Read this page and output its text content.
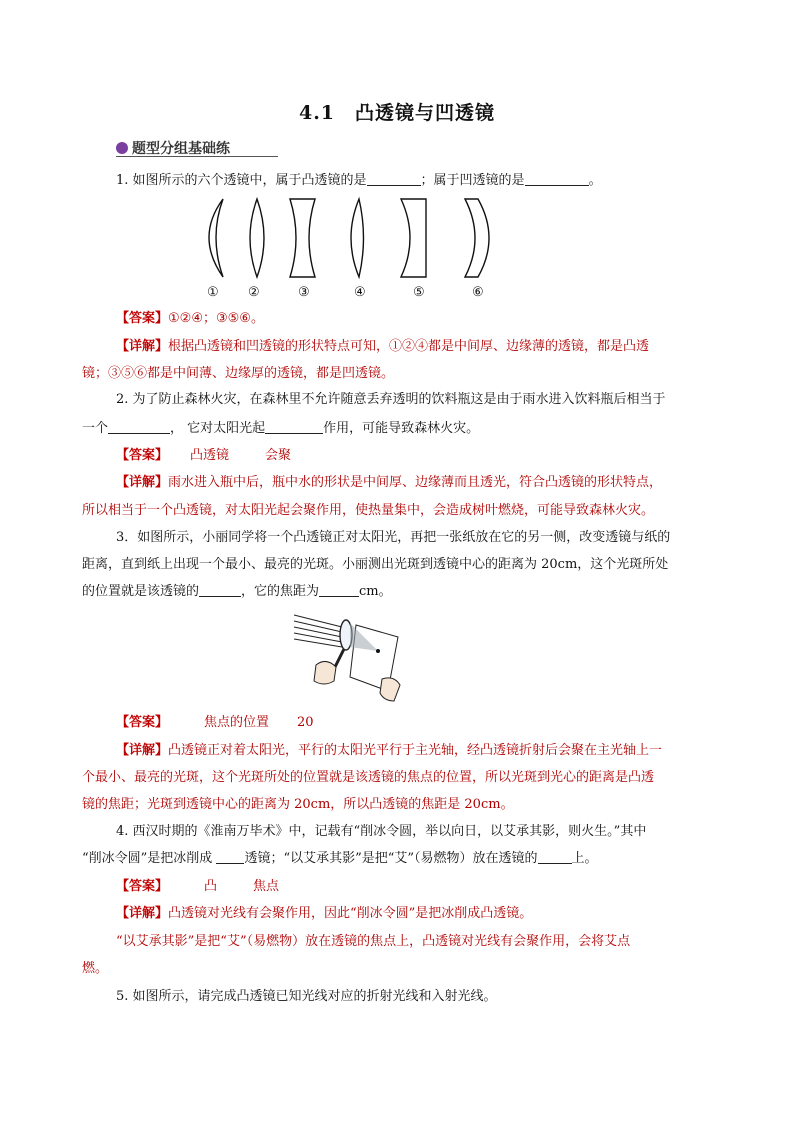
4.1　凸透镜与凹透镜
题型分组基础练
1. 如图所示的六个透镜中，属于凸透镜的是	；属于凹透镜的是	。
① ②	③	④	⑤	⑥
【答案】①②④；③⑤⑥。
【详解】根据凸透镜和凹透镜的形状特点可知，①②④都是中间厚、边缘薄的透镜，都是凸透
镜；③⑤⑥都是中间薄、边缘厚的透镜，都是凹透镜。
2. 为了防止森林火灾，在森林里不允许随意丢弃透明的饮料瓶这是由于雨水进入饮料瓶后相当于
一个	， 它对太阳光起	作用，可能导致森林火灾。
【答案】 凸透镜	会聚
【详解】雨水进入瓶中后，瓶中水的形状是中间厚、边缘薄而且透光，符合凸透镜的形状特点，
所以相当于一个凸透镜，对太阳光起会聚作用，使热量集中，会造成树叶燃烧，可能导致森林火灾。
3．如图所示，小丽同学将一个凸透镜正对太阳光，再把一张纸放在它的另一侧，改变透镜与纸的
距离，直到纸上出现一个最小、最亮的光斑。小丽测出光斑到透镜中心的距离为 20cm，这个光斑所处
的位置就是该透镜的	，它的焦距为	cm。
【答案】	焦点的位置 20
【详解】凸透镜正对着太阳光，平行的太阳光平行于主光轴，经凸透镜折射后会聚在主光轴上一
个最小、最亮的光斑，这个光斑所处的位置就是该透镜的焦点的位置，所以光斑到光心的距离是凸透
镜的焦距；光斑到透镜中心的距离为 20cm，所以凸透镜的焦距是 20cm。
4. 西汉时期的《淮南万毕术》中，记载有“削冰令圆，举以向日，以艾承其影，则火生。”其中
“削冰令圆”是把冰削成 透镜；“以艾承其影”是把“艾”（易燃物）放在透镜的	上。
【答案】	凸	焦点
【详解】凸透镜对光线有会聚作用，因此“削冰令圆”是把冰削成凸透镜。
“以艾承其影”是把“艾”（易燃物）放在透镜的焦点上，凸透镜对光线有会聚作用，会将艾点
燃。
5. 如图所示，请完成凸透镜已知光线对应的折射光线和入射光线。
